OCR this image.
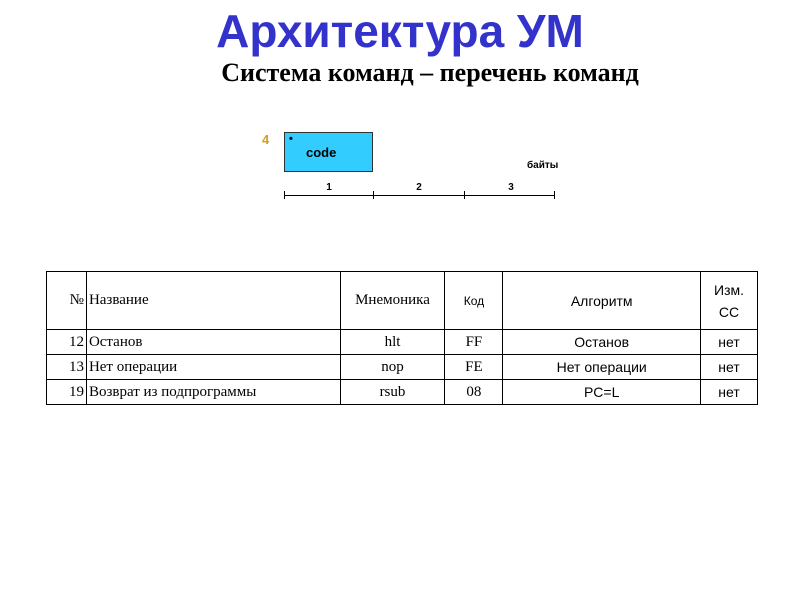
Архитектура УМ
Система команд – перечень команд
4 •
code
байты
1	2	3
№	Название	Мнемоника	Код	Алгоритм	Изм.
СС

12	Останов	hlt	FF	Останов	нет
13	Нет операции	nop	FE	Нет операции	нет
19	Возврат из подпрограммы	rsub	08	PC=L	нет
